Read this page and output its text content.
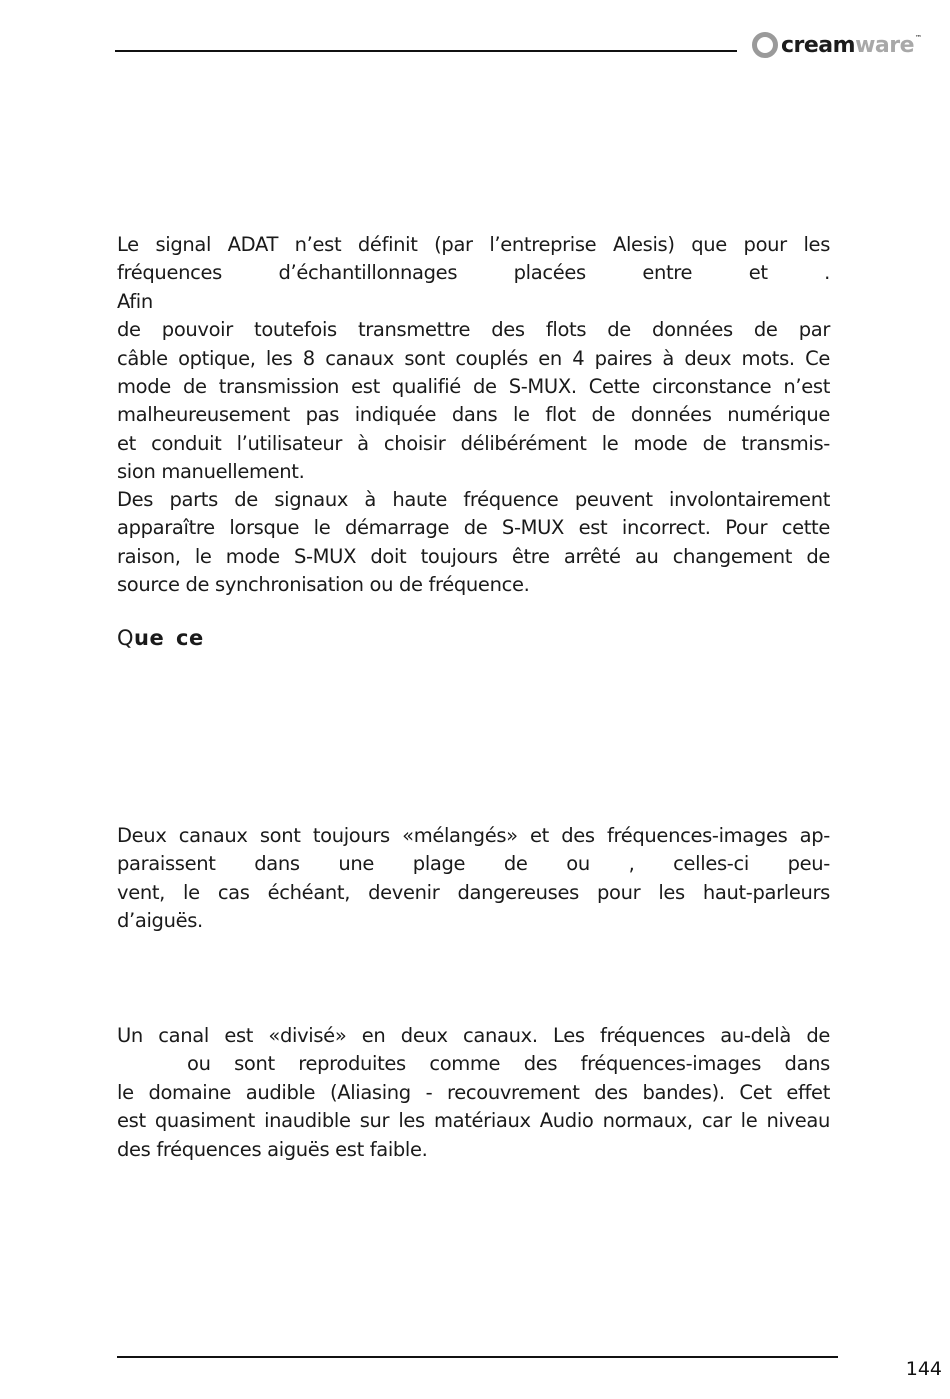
cream ware ™
Le signal ADAT n’est définit (par l’entreprise Alesis) que pour les
fréquences d’échantillonnages placées entre et . Afin
de pouvoir toutefois transmettre des flots de données de par
câble optique, les 8 canaux sont couplés en 4 paires à deux mots. Ce
mode de transmission est qualifié de S-MUX. Cette circonstance n’est
malheureusement pas indiquée dans le flot de données numérique
et conduit l’utilisateur à choisir délibérément le mode de transmis-
sion manuellement.
Des parts de signaux à haute fréquence peuvent involontairement
apparaître lorsque le démarrage de S-MUX est incorrect. Pour cette
raison, le mode S-MUX doit toujours être arrêté au changement de
source de synchronisation ou de fréquence.
Que ce
Deux canaux sont toujours «mélangés» et des fréquences-images ap-
paraissent dans une plage de ou , celles-ci peu-
vent, le cas échéant, devenir dangereuses pour les haut-parleurs
d’aiguës.
Un canal est «divisé» en deux canaux. Les fréquences au-delà de
ou sont reproduites comme des fréquences-images dans
le domaine audible (Aliasing - recouvrement des bandes). Cet effet
est quasiment inaudible sur les matériaux Audio normaux, car le niveau
des fréquences aiguës est faible.
144
